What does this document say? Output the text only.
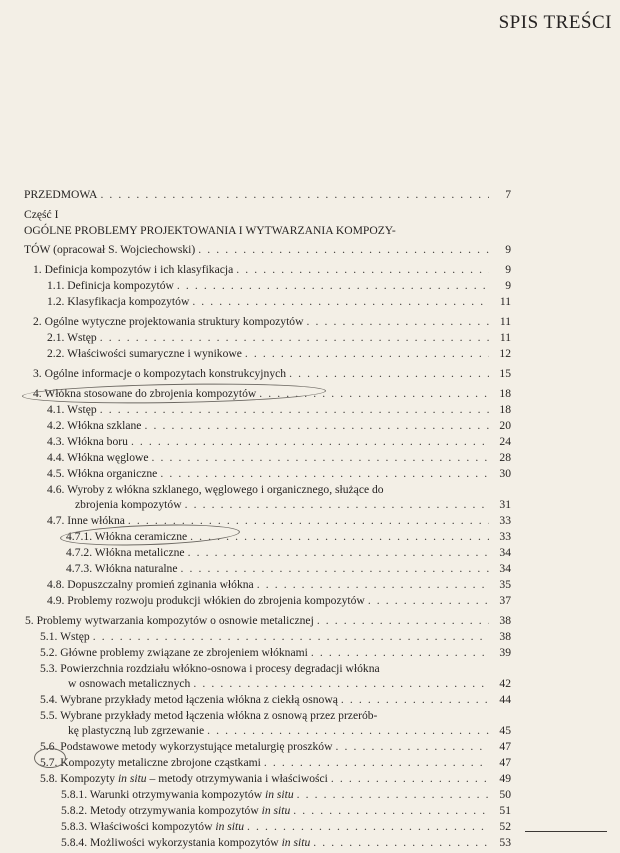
SPIS TREŚCI
PRZEDMOWA . . .	7
Część I
OGÓLNE PROBLEMY PROJEKTOWANIA I WYTWARZANIA KOMPOZY-
TÓW (opracował S. Wojciechowski) . . .	9
1. Definicja kompozytów i ich klasyfikacja . . .	9
1.1. Definicja kompozytów . . .	9
1.2. Klasyfikacja kompozytów . . .	11
2. Ogólne wytyczne projektowania struktury kompozytów . . .	11
2.1. Wstęp . . .	11
2.2. Właściwości sumaryczne i wynikowe . . .	12
3. Ogólne informacje o kompozytach konstrukcyjnych . . .	15
4. Włókna stosowane do zbrojenia kompozytów . . .	18
4.1. Wstęp . . .	18
4.2. Włókna szklane . . .	20
4.3. Włókna boru . . .	24
4.4. Włókna węglowe . . .	28
4.5. Włókna organiczne . . .	30
4.6. Wyroby z włókna szklanego, węglowego i organicznego, służące do
zbrojenia kompozytów . . .	31
4.7. Inne włókna . . .	33
4.7.1. Włókna ceramiczne . . .	33
4.7.2. Włókna metaliczne . . .	34
4.7.3. Włókna naturalne . . .	34
4.8. Dopuszczalny promień zginania włókna . . .	35
4.9. Problemy rozwoju produkcji włókien do zbrojenia kompozytów . . .	37
5. Problemy wytwarzania kompozytów o osnowie metalicznej . . .	38
5.1. Wstęp . . .	38
5.2. Główne problemy związane ze zbrojeniem włóknami . . .	39
5.3. Powierzchnia rozdziału włókno-osnowa i procesy degradacji włókna
w osnowach metalicznych . . .	42
5.4. Wybrane przykłady metod łączenia włókna z ciekłą osnową . . .	44
5.5. Wybrane przykłady metod łączenia włókna z osnową przez przerób-
kę plastyczną lub zgrzewanie . . .	45
5.6. Podstawowe metody wykorzystujące metalurgię proszków . . .	47
5.7. Kompozyty metaliczne zbrojone cząstkami . . .	47
5.8. Kompozyty in situ – metody otrzymywania i właściwości . . .	49
5.8.1. Warunki otrzymywania kompozytów in situ . . .	50
5.8.2. Metody otrzymywania kompozytów in situ . . .	51
5.8.3. Właściwości kompozytów in situ . . .	52
5.8.4. Możliwości wykorzystania kompozytów in situ . . .	53
